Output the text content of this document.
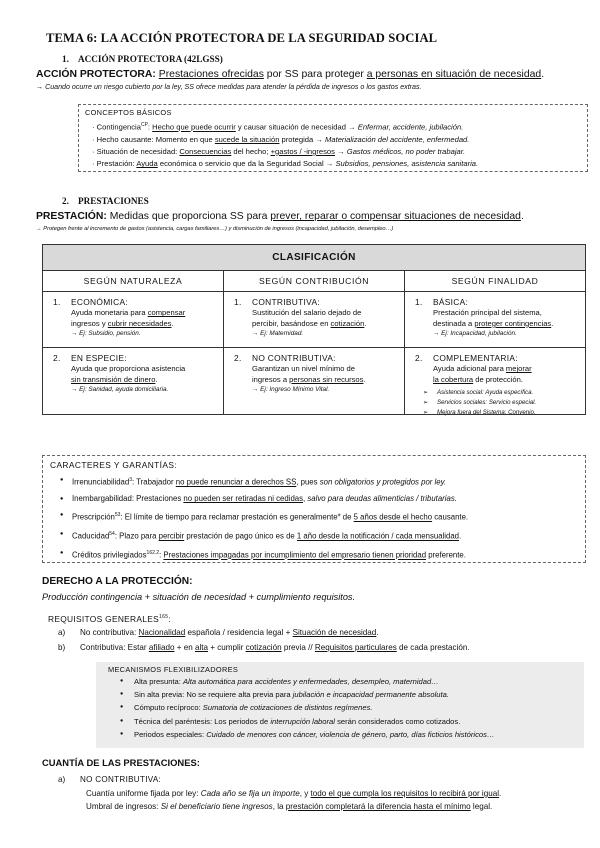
TEMA 6: LA ACCIÓN PROTECTORA DE LA SEGURIDAD SOCIAL
1. ACCIÓN PROTECTORA (42LGSS)
ACCIÓN PROTECTORA: Prestaciones ofrecidas por SS para proteger a personas en situación de necesidad.
→ Cuando ocurre un riesgo cubierto por la ley, SS ofrece medidas para atender la pérdida de ingresos o los gastos extras.
CONCEPTOS BÁSICOS
· Contingencia$^{CP}$: Hecho que puede ocurrir y causar situación de necesidad → Enfermar, accidente, jubilación.
· Hecho causante: Momento en que sucede la situación protegida → Materialización del accidente, enfermedad.
· Situación de necesidad: Consecuencias del hecho; +gastos / -ingresos → Gastos médicos, no poder trabajar.
· Prestación: Ayuda económica o servicio que da la Seguridad Social → Subsidios, pensiones, asistencia sanitaria.
2. PRESTACIONES
PRESTACIÓN: Medidas que proporciona SS para prever, reparar o compensar situaciones de necesidad.
→ Protegen frente al incremento de gastos (asistencia, cargas familiares…) y disminución de ingresos (incapacidad, jubilación, desempleo…)
CLASIFICACIÓN
SEGÚN NATURALEZA
1. ECONÓMICA:
Ayuda monetaria para compensar
ingresos y cubrir necesidades.
→ Ej: Subsidio, pensión.
2. EN ESPECIE:
Ayuda que proporciona asistencia
sin transmisión de dinero.
→ Ej: Sanidad, ayuda domiciliaria.
SEGÚN CONTRIBUCIÓN
1. CONTRIBUTIVA:
Sustitución del salario dejado de
percibir, basándose en cotización.
→ Ej: Maternidad.
2. NO CONTRIBUTIVA:
Garantizan un nivel mínimo de
ingresos a personas sin recursos.
→ Ej: Ingreso Mínimo Vital.
SEGÚN FINALIDAD
1. BÁSICA:
Prestación principal del sistema,
destinada a proteger contingencias.
→ Ej: Incapacidad, jubilación.
2. COMPLEMENTARIA:
Ayuda adicional para mejorar
la cobertura de protección.
➢ Asistencia social: Ayuda específica.
➢ Servicios sociales: Servicio especial.
➢ Mejora fuera del Sistema: Convenio.
CARACTERES Y GARANTÍAS:
● Irrenunciabilidad$^3$: Trabajador no puede renunciar a derechos SS, pues son obligatorios y protegidos por ley.
● Inembargabilidad: Prestaciones no pueden ser retiradas ni cedidas, salvo para deudas alimenticias / tributarias.
● Prescripción$^{53}$: El límite de tiempo para reclamar prestación es generalmente* de 5 años desde el hecho causante.
● Caducidad$^{54}$: Plazo para percibir prestación de pago único es de 1 año desde la notificación / cada mensualidad.
● Créditos privilegiados$^{162.2}$: Prestaciones impagadas por incumplimiento del empresario tienen prioridad preferente.
DERECHO A LA PROTECCIÓN:
Producción contingencia + situación de necesidad + cumplimiento requisitos.
REQUISITOS GENERALES$^{165}$:
a) No contributiva: Nacionalidad española / residencia legal + Situación de necesidad.
b) Contributiva: Estar afiliado + en alta + cumplir cotización previa // Requisitos particulares de cada prestación.
MECANISMOS FLEXIBILIZADORES
● Alta presunta: Alta automática para accidentes y enfermedades, desempleo, maternidad…
● Sin alta previa: No se requiere alta previa para jubilación e incapacidad permanente absoluta.
● Cómputo recíproco: Sumatoria de cotizaciones de distintos regímenes.
● Técnica del paréntesis: Los periodos de interrupción laboral serán considerados como cotizados.
● Periodos especiales: Cuidado de menores con cáncer, violencia de género, parto, días ficticios históricos…
CUANTÍA DE LAS PRESTACIONES:
a) NO CONTRIBUTIVA:
Cuantía uniforme fijada por ley: Cada año se fija un importe, y todo el que cumpla los requisitos lo recibirá por igual.
Umbral de ingresos: Si el beneficiario tiene ingresos, la prestación completará la diferencia hasta el mínimo legal.
